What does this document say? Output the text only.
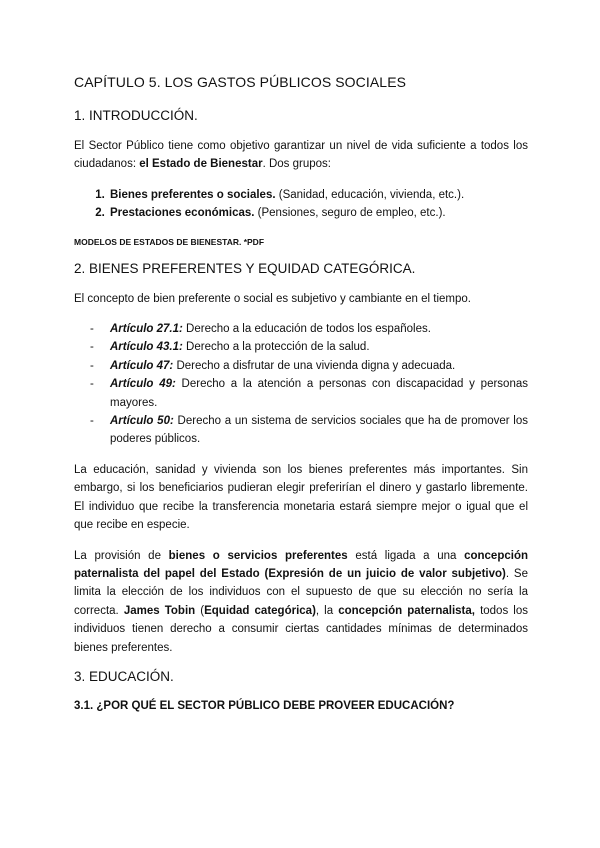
CAPÍTULO 5. LOS GASTOS PÚBLICOS SOCIALES
1. INTRODUCCIÓN.

El Sector Público tiene como objetivo garantizar un nivel de vida suficiente a todos los ciudadanos: el Estado de Bienestar. Dos grupos:

1. Bienes preferentes o sociales. (Sanidad, educación, vivienda, etc.).
2. Prestaciones económicas. (Pensiones, seguro de empleo, etc.).
MODELOS DE ESTADOS DE BIENESTAR. *PDF
2. BIENES PREFERENTES Y EQUIDAD CATEGÓRICA.

El concepto de bien preferente o social es subjetivo y cambiante en el tiempo.

- Artículo 27.1: Derecho a la educación de todos los españoles.
- Artículo 43.1: Derecho a la protección de la salud.
- Artículo 47: Derecho a disfrutar de una vivienda digna y adecuada.
- Artículo 49: Derecho a la atención a personas con discapacidad y personas mayores.
- Artículo 50: Derecho a un sistema de servicios sociales que ha de promover los poderes públicos.

La educación, sanidad y vivienda son los bienes preferentes más importantes. Sin embargo, si los beneficiarios pudieran elegir preferirían el dinero y gastarlo libremente. El individuo que recibe la transferencia monetaria estará siempre mejor o igual que el que recibe en especie.

La provisión de bienes o servicios preferentes está ligada a una concepción paternalista del papel del Estado (Expresión de un juicio de valor subjetivo). Se limita la elección de los individuos con el supuesto de que su elección no sería la correcta. James Tobin (Equidad categórica), la concepción paternalista, todos los individuos tienen derecho a consumir ciertas cantidades mínimas de determinados bienes preferentes.

3. EDUCACIÓN.
3.1. ¿POR QUÉ EL SECTOR PÚBLICO DEBE PROVEER EDUCACIÓN?
